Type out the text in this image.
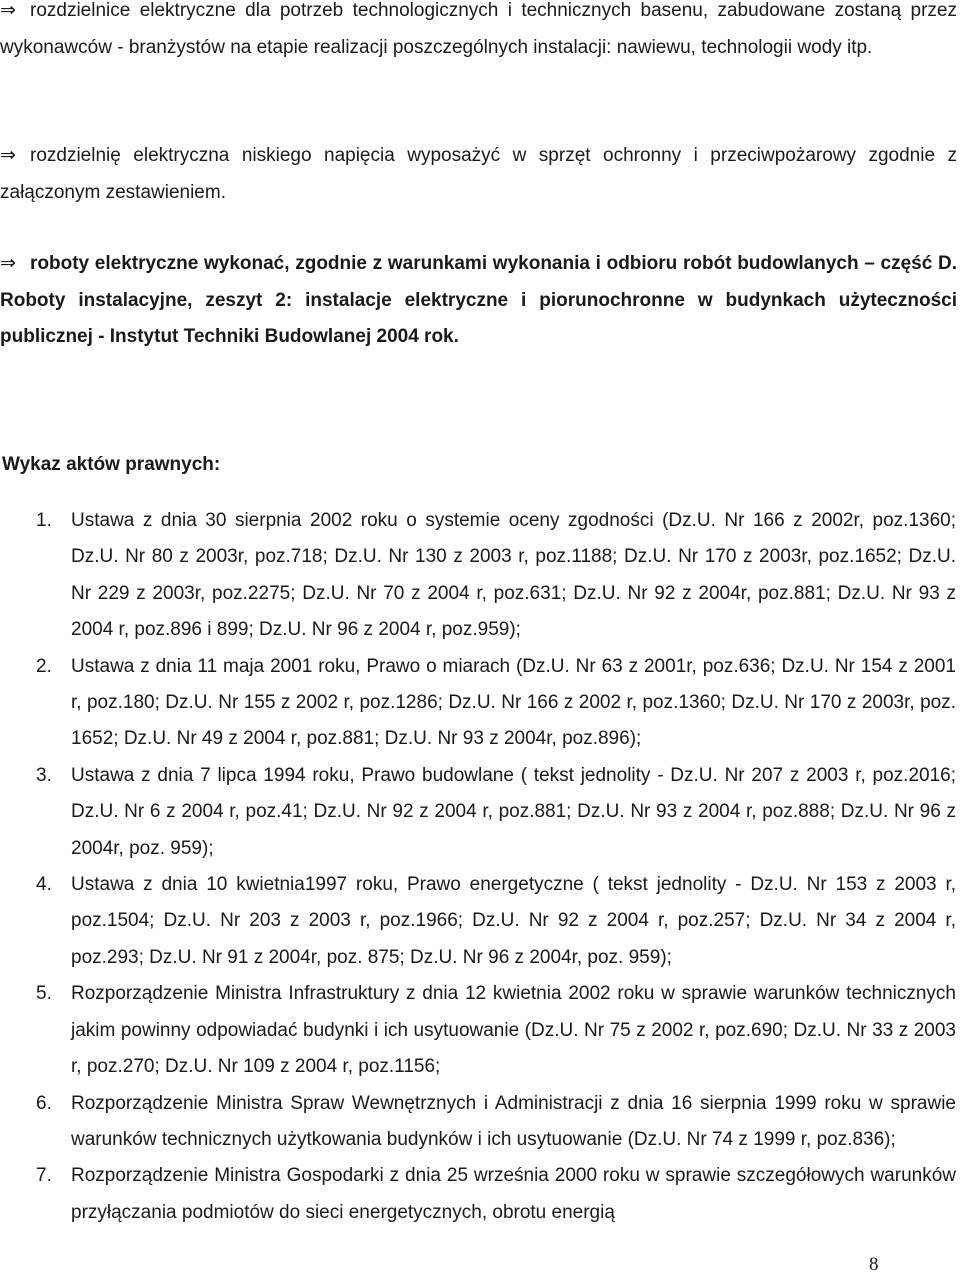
⇒ rozdzielnice elektryczne dla potrzeb technologicznych i technicznych basenu, zabudowane zostaną przez wykonawców - branżystów na etapie realizacji poszczególnych instalacji: nawiewu, technologii wody itp.

⇒ rozdzielnię elektryczna niskiego napięcia wyposażyć w sprzęt ochronny i przeciwpożarowy zgodnie z załączonym zestawieniem.

⇒ roboty elektryczne wykonać, zgodnie z warunkami wykonania i odbioru robót budowlanych – część D. Roboty instalacyjne, zeszyt 2: instalacje elektryczne i piorunochronne w budynkach użyteczności publicznej - Instytut Techniki Budowlanej 2004 rok.

Wykaz aktów prawnych:

1. Ustawa z dnia 30 sierpnia 2002 roku o systemie oceny zgodności (Dz.U. Nr 166 z 2002r, poz.1360; Dz.U. Nr 80 z 2003r, poz.718; Dz.U. Nr 130 z 2003 r, poz.1188; Dz.U. Nr 170 z 2003r, poz.1652; Dz.U. Nr 229 z 2003r, poz.2275; Dz.U. Nr 70 z 2004 r, poz.631; Dz.U. Nr 92 z 2004r, poz.881; Dz.U. Nr 93 z 2004 r, poz.896 i 899; Dz.U. Nr 96 z 2004 r, poz.959);

2. Ustawa z dnia 11 maja 2001 roku, Prawo o miarach (Dz.U. Nr 63 z 2001r, poz.636; Dz.U. Nr 154 z 2001 r, poz.180; Dz.U. Nr 155 z 2002 r, poz.1286; Dz.U. Nr 166 z 2002 r, poz.1360; Dz.U. Nr 170 z 2003r, poz. 1652; Dz.U. Nr 49 z 2004 r, poz.881; Dz.U. Nr 93 z 2004r, poz.896);

3. Ustawa z dnia 7 lipca 1994 roku, Prawo budowlane ( tekst jednolity - Dz.U. Nr 207 z 2003 r, poz.2016; Dz.U. Nr 6 z 2004 r, poz.41; Dz.U. Nr 92 z 2004 r, poz.881; Dz.U. Nr 93 z 2004 r, poz.888; Dz.U. Nr 96 z 2004r, poz. 959);

4. Ustawa z dnia 10 kwietnia1997 roku, Prawo energetyczne ( tekst jednolity - Dz.U. Nr 153 z 2003 r, poz.1504; Dz.U. Nr 203 z 2003 r, poz.1966; Dz.U. Nr 92 z 2004 r, poz.257; Dz.U. Nr 34 z 2004 r, poz.293; Dz.U. Nr 91 z 2004r, poz. 875; Dz.U. Nr 96 z 2004r, poz. 959);

5. Rozporządzenie Ministra Infrastruktury z dnia 12 kwietnia 2002 roku w sprawie warunków technicznych jakim powinny odpowiadać budynki i ich usytuowanie (Dz.U. Nr 75 z 2002 r, poz.690; Dz.U. Nr 33 z 2003 r, poz.270; Dz.U. Nr 109 z 2004 r, poz.1156;

6. Rozporządzenie Ministra Spraw Wewnętrznych i Administracji z dnia 16 sierpnia 1999 roku w sprawie warunków technicznych użytkowania budynków i ich usytuowanie (Dz.U. Nr 74 z 1999 r, poz.836);

7. Rozporządzenie Ministra Gospodarki z dnia 25 września 2000 roku w sprawie szczegółowych warunków przyłączania podmiotów do sieci energetycznych, obrotu energią

8
